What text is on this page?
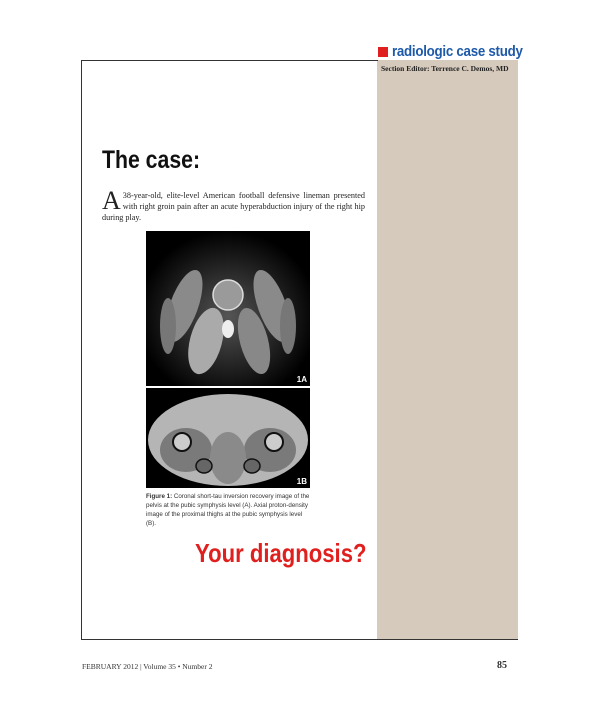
radiologic case study
Section Editor: Terrence C. Demos, MD
The case:
A 38-year-old, elite-level American football defensive lineman presented with right groin pain after an acute hyperabduction injury of the right hip during play.
1A
1B
Figure 1: Coronal short-tau inversion recovery image of the pelvis at the pubic symphysis level (A). Axial proton-density image of the proximal thighs at the pubic symphysis level (B).
Your diagnosis?
FEBRUARY 2012 | Volume 35 • Number 2	85
